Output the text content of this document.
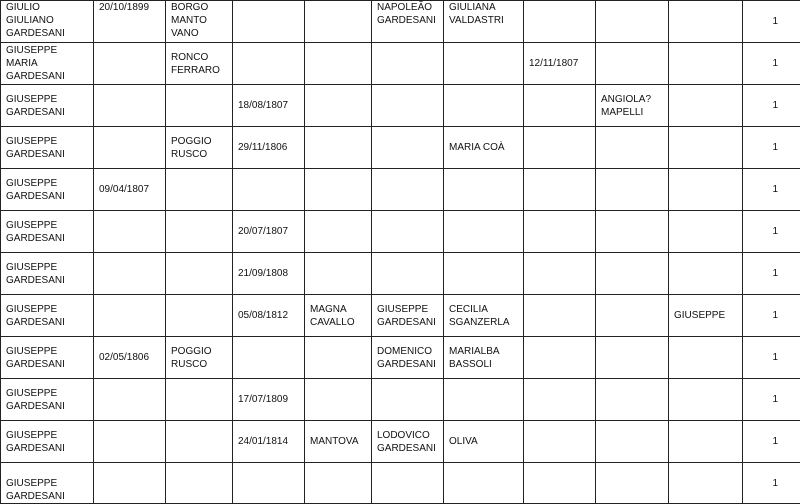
GIULIO GIULIANO GARDESANI	20/10/1899	BORGO MANTO VANO			NAPOLEÃO GARDESANI	GIULIANA VALDASTRI				1
GIUSEPPE MARIA GARDESANI		RONCO FERRARO					12/11/1807			1
GIUSEPPE GARDESANI			18/08/1807					ANGIOLA? MAPELLI		1
GIUSEPPE GARDESANI		POGGIO RUSCO	29/11/1806			MARIA COÀ				1
GIUSEPPE GARDESANI	09/04/1807									1
GIUSEPPE GARDESANI			20/07/1807							1
GIUSEPPE GARDESANI			21/09/1808							1
GIUSEPPE GARDESANI			05/08/1812	MAGNA CAVALLO	GIUSEPPE GARDESANI	CECILIA SGANZERLA			GIUSEPPE	1
GIUSEPPE GARDESANI	02/05/1806	POGGIO RUSCO			DOMENICO GARDESANI	MARIALBA BASSOLI				1
GIUSEPPE GARDESANI			17/07/1809							1
GIUSEPPE GARDESANI			24/01/1814	MANTOVA	LODOVICO GARDESANI	OLIVA				1
GIUSEPPE GARDESANI										1
